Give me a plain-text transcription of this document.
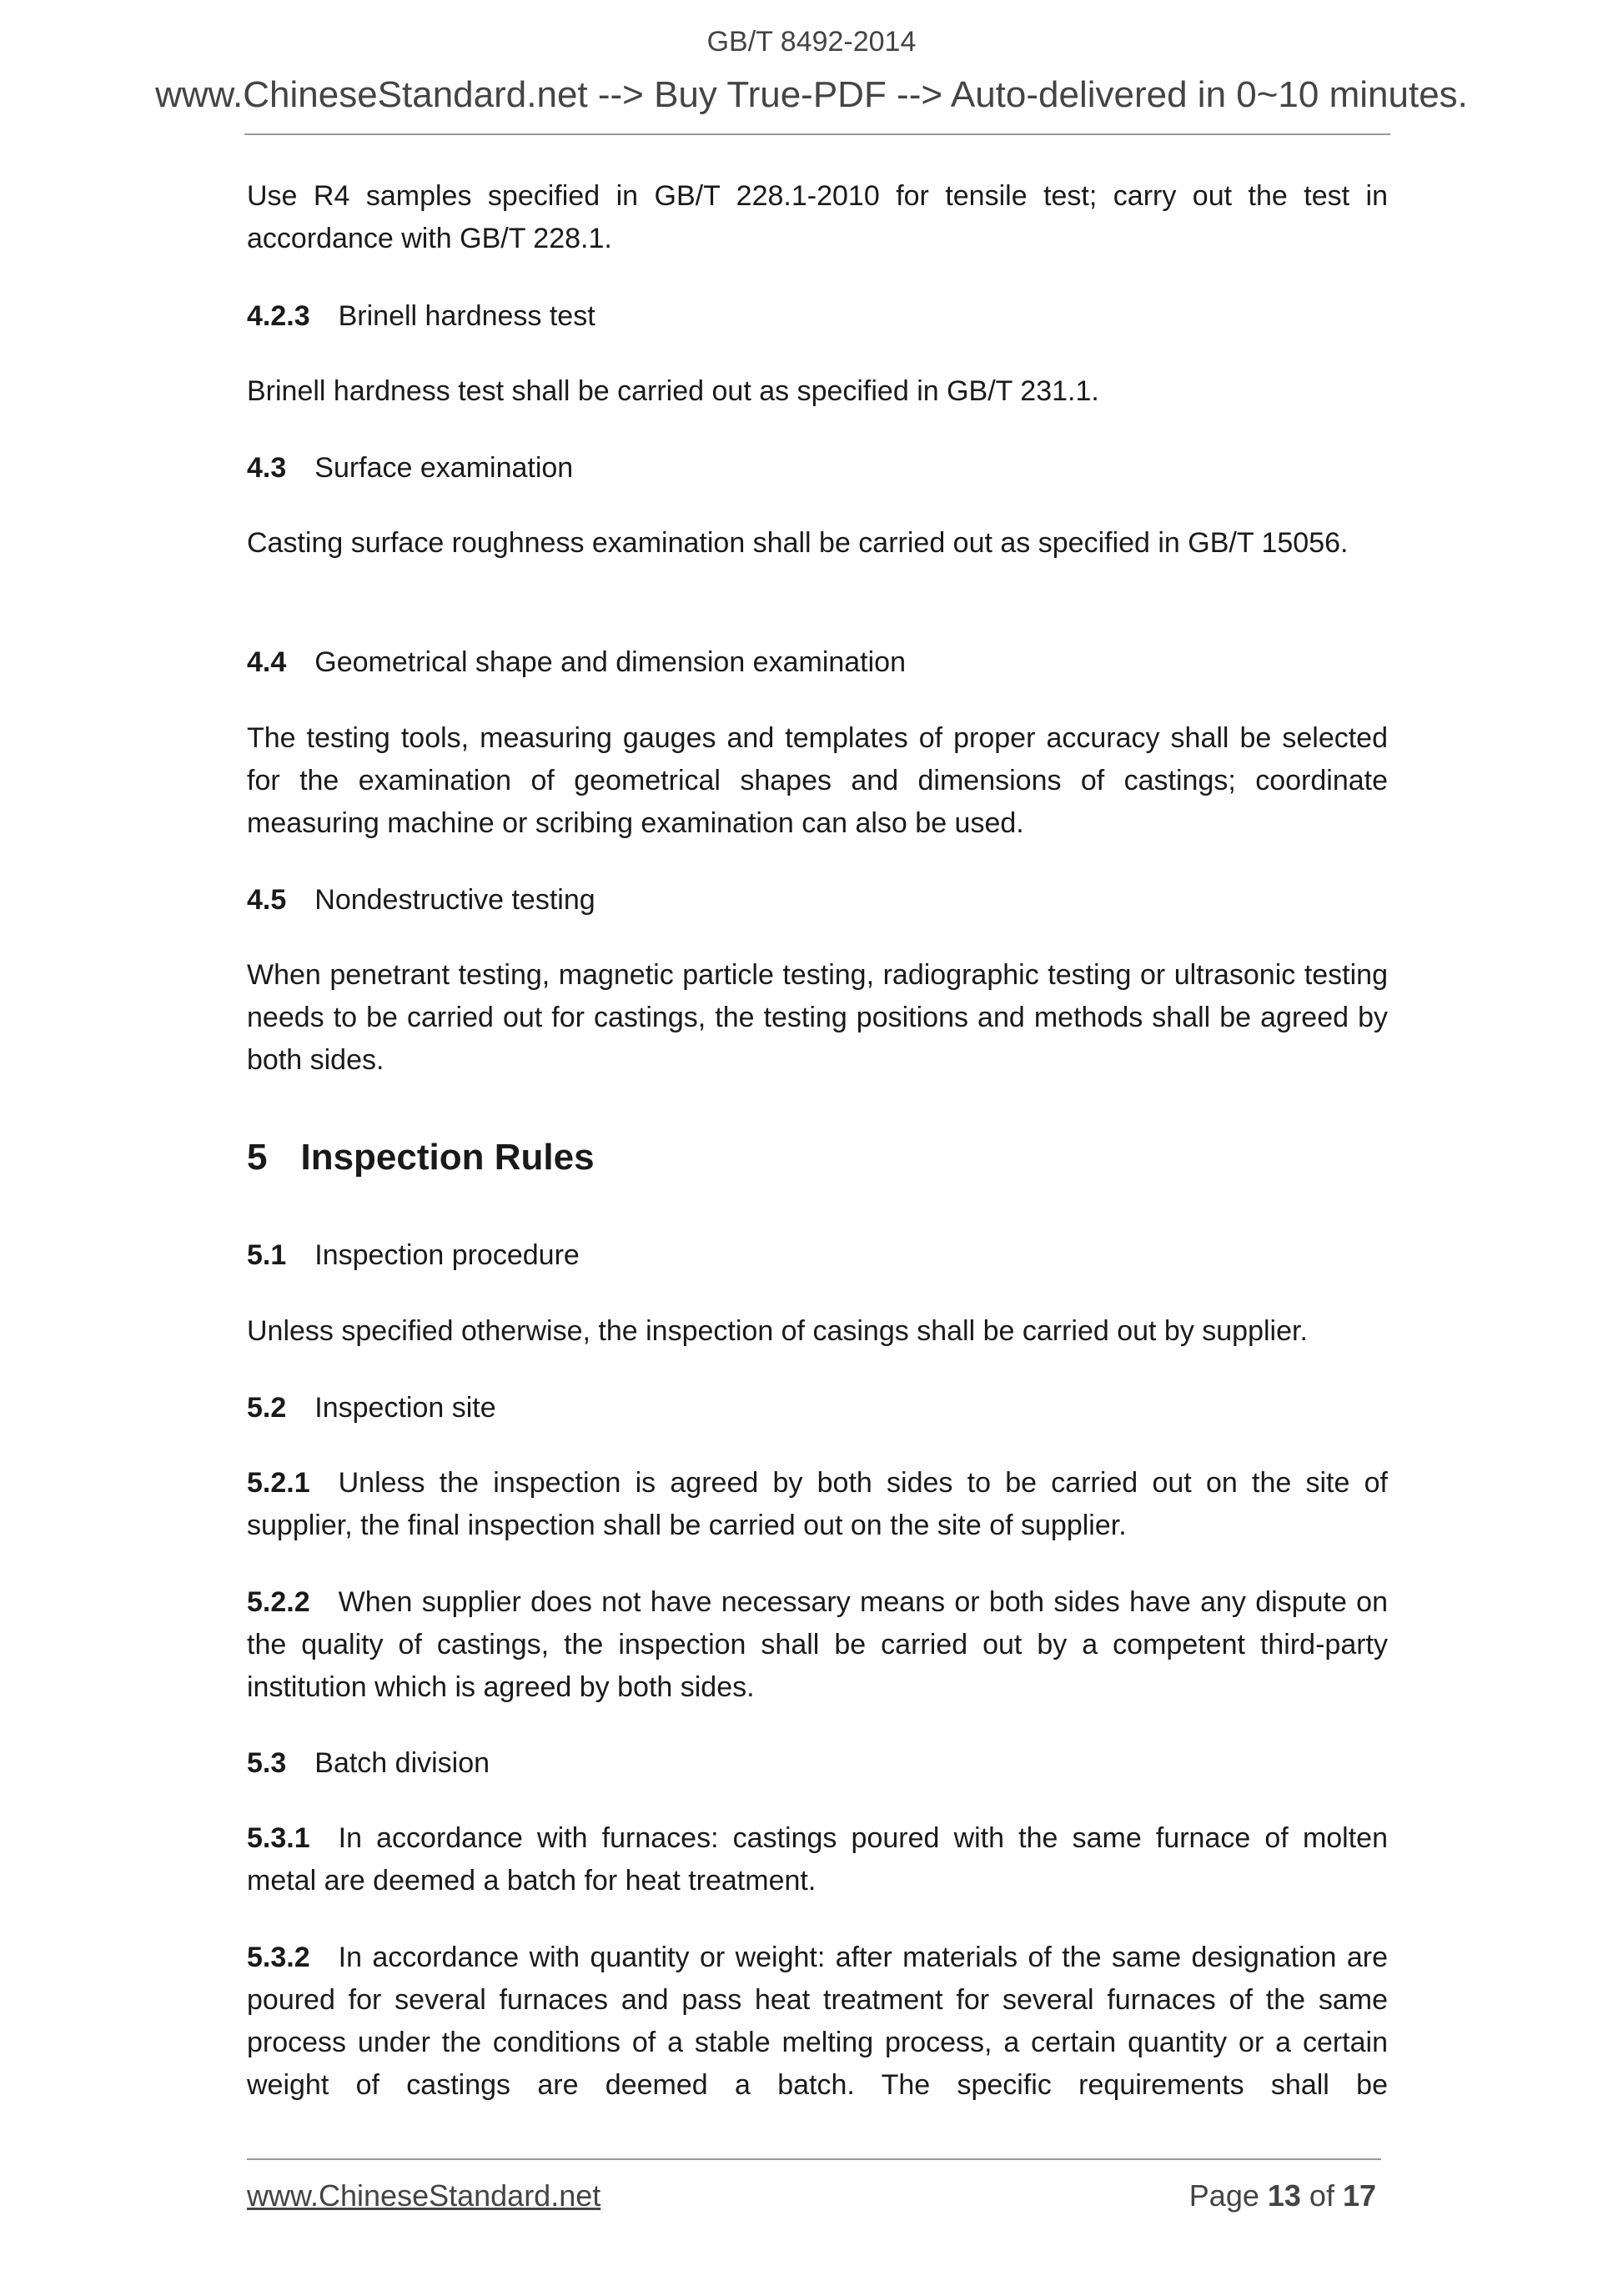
GB/T 8492-2014
www.ChineseStandard.net --> Buy True-PDF --> Auto-delivered in 0~10 minutes.
Use R4 samples specified in GB/T 228.1-2010 for tensile test; carry out the test in accordance with GB/T 228.1.
4.2.3 Brinell hardness test
Brinell hardness test shall be carried out as specified in GB/T 231.1.
4.3 Surface examination
Casting surface roughness examination shall be carried out as specified in GB/T 15056.
4.4 Geometrical shape and dimension examination
The testing tools, measuring gauges and templates of proper accuracy shall be selected for the examination of geometrical shapes and dimensions of castings; coordinate measuring machine or scribing examination can also be used.
4.5 Nondestructive testing
When penetrant testing, magnetic particle testing, radiographic testing or ultrasonic testing needs to be carried out for castings, the testing positions and methods shall be agreed by both sides.
5 Inspection Rules
5.1 Inspection procedure
Unless specified otherwise, the inspection of casings shall be carried out by supplier.
5.2 Inspection site
5.2.1 Unless the inspection is agreed by both sides to be carried out on the site of supplier, the final inspection shall be carried out on the site of supplier.
5.2.2 When supplier does not have necessary means or both sides have any dispute on the quality of castings, the inspection shall be carried out by a competent third-party institution which is agreed by both sides.
5.3 Batch division
5.3.1 In accordance with furnaces: castings poured with the same furnace of molten metal are deemed a batch for heat treatment.
5.3.2 In accordance with quantity or weight: after materials of the same designation are poured for several furnaces and pass heat treatment for several furnaces of the same process under the conditions of a stable melting process, a certain quantity or a certain weight of castings are deemed a batch. The specific requirements shall be
www.ChineseStandard.net	Page 13 of 17
